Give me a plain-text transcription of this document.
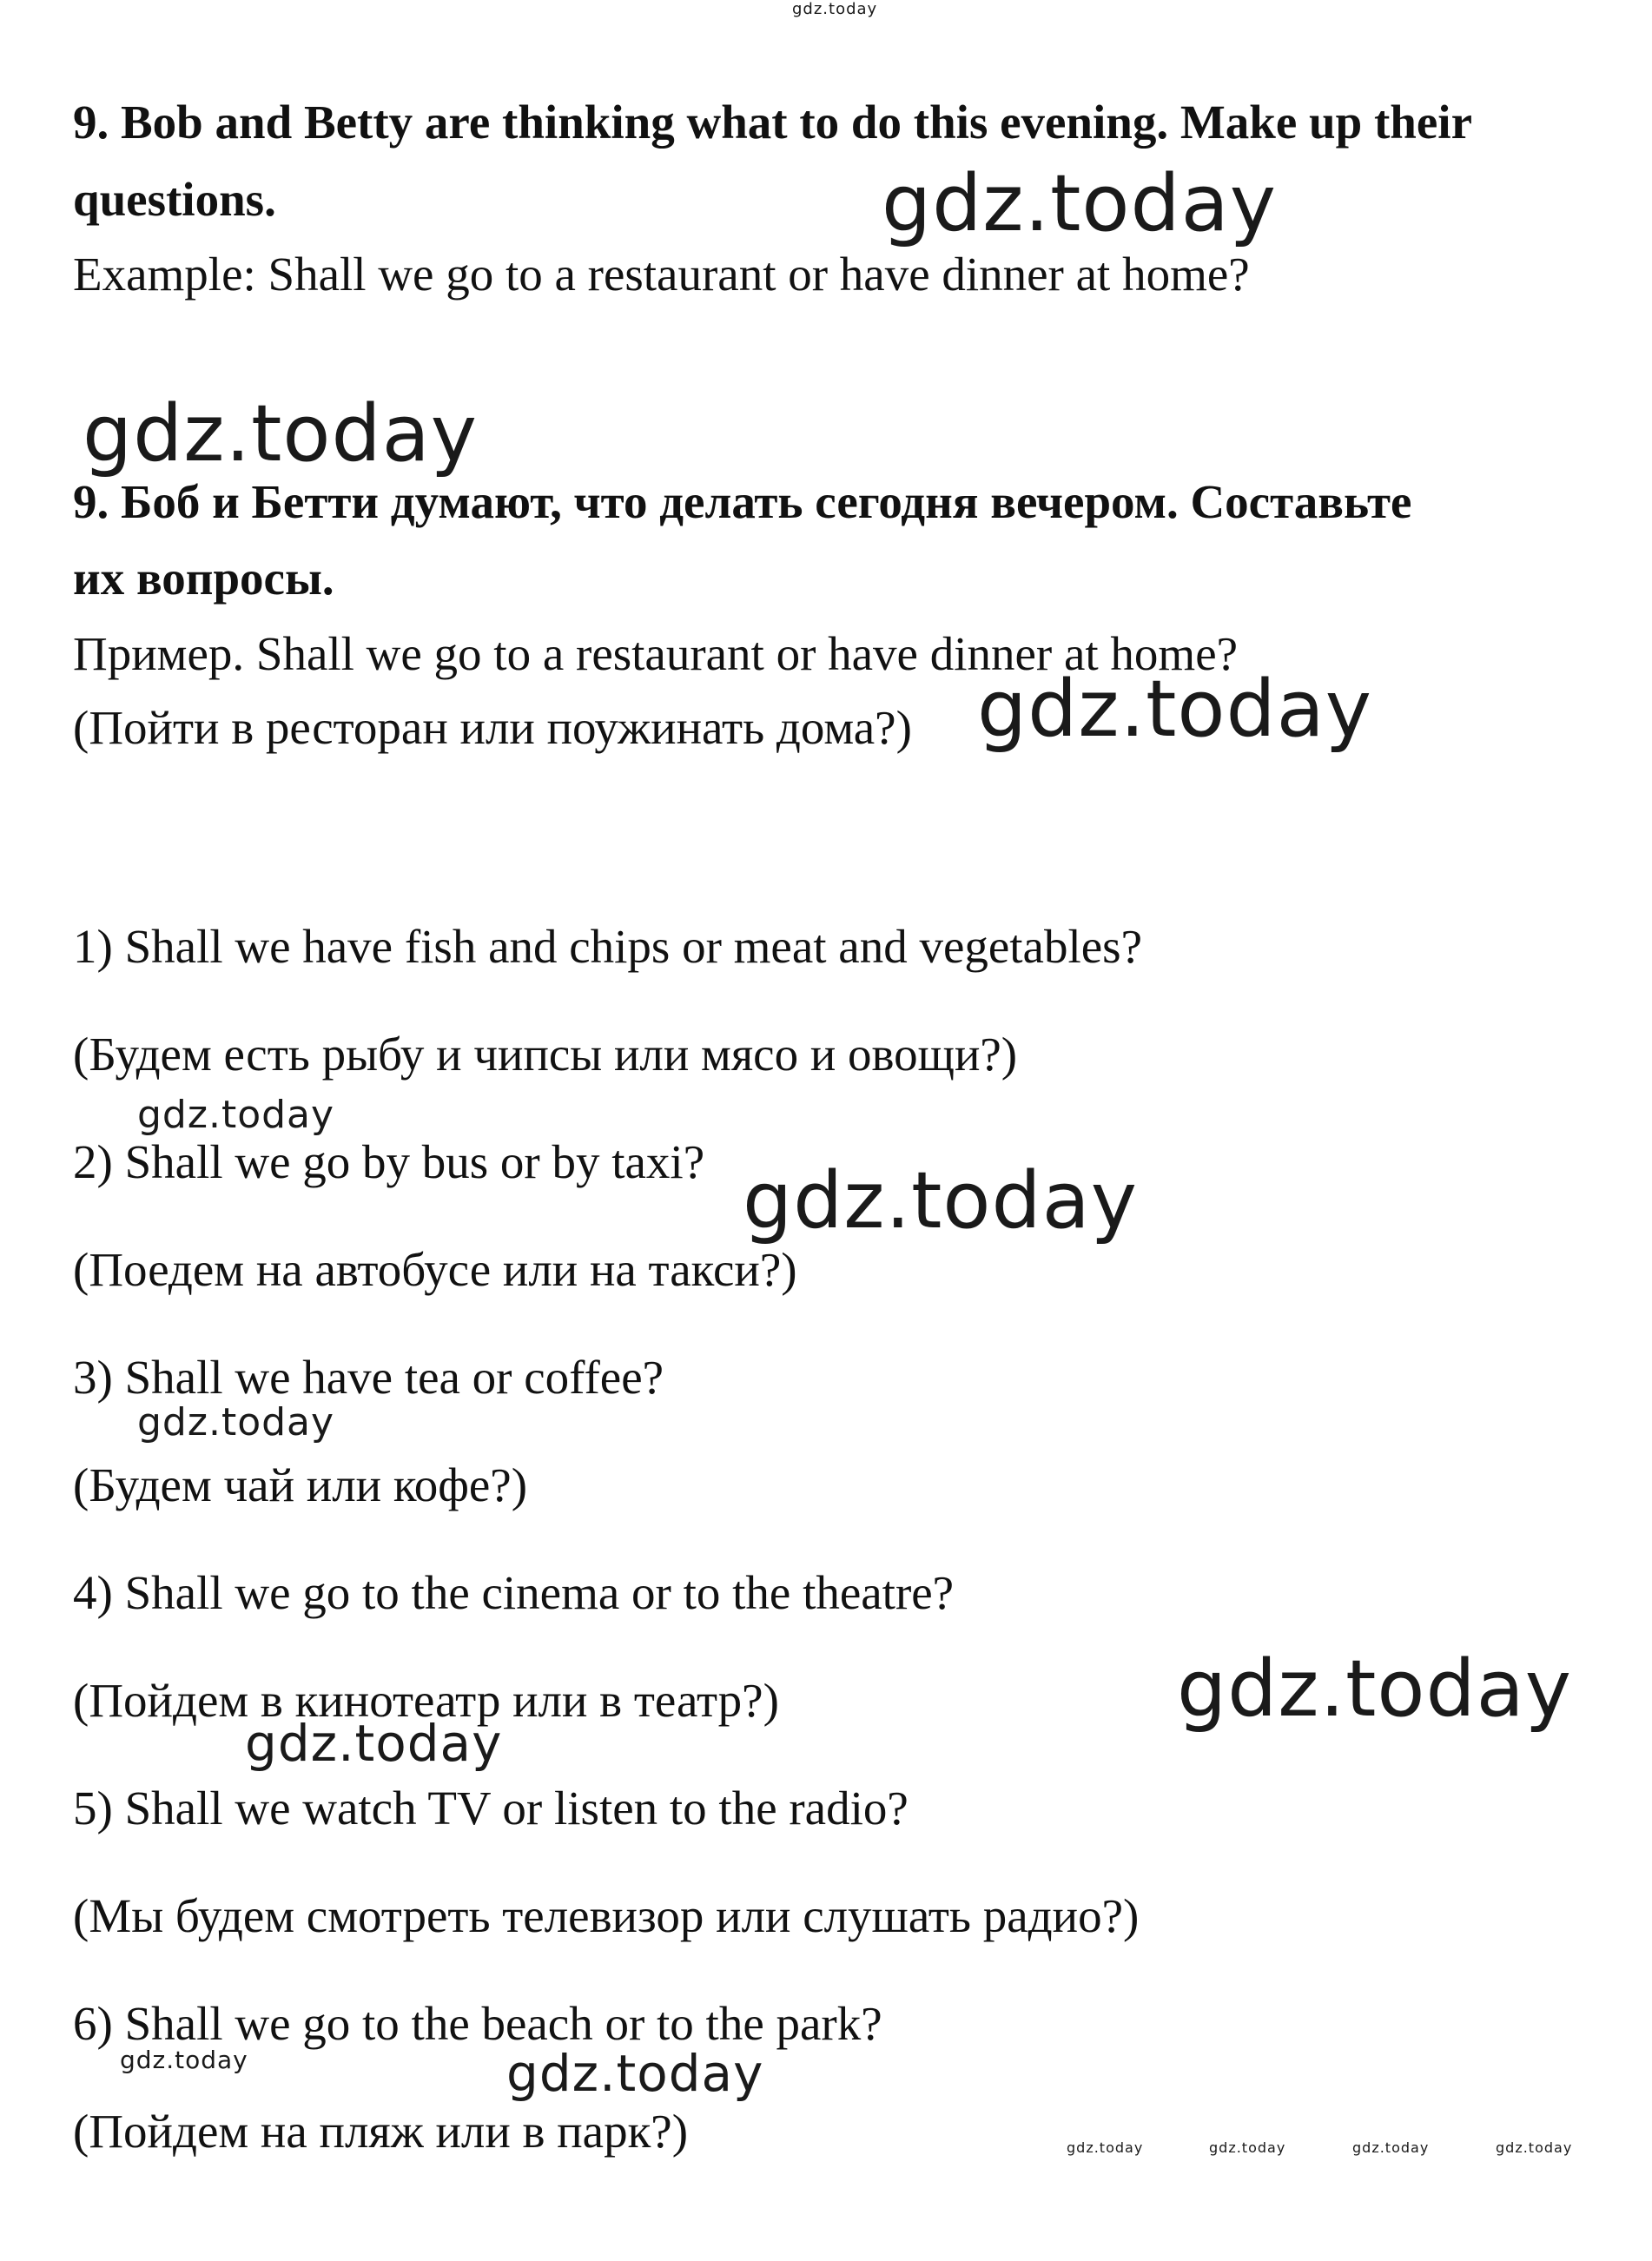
gdz.today
gdz.today
gdz.today
gdz.today
gdz.today
gdz.today
gdz.today
gdz.today
gdz.today
gdz.today	gdz.today
gdz.today	gdz.today	gdz.today	gdz.today
9. Bob and Betty are thinking what to do this evening. Make up their
questions.
Example: Shall we go to a restaurant or have dinner at home?
9. Боб и Бетти думают, что делать сегодня вечером. Составьте
их вопросы.
Пример. Shall we go to a restaurant or have dinner at home?
(Пойти в ресторан или поужинать дома?)
1) Shall we have fish and chips or meat and vegetables?
(Будем есть рыбу и чипсы или мясо и овощи?)
2) Shall we go by bus or by taxi?
(Поедем на автобусе или на такси?)
3) Shall we have tea or coffee?
(Будем чай или кофе?)
4) Shall we go to the cinema or to the theatre?
(Пойдем в кинотеатр или в театр?)
5) Shall we watch TV or listen to the radio?
(Мы будем смотреть телевизор или слушать радио?)
6) Shall we go to the beach or to the park?
(Пойдем на пляж или в парк?)
